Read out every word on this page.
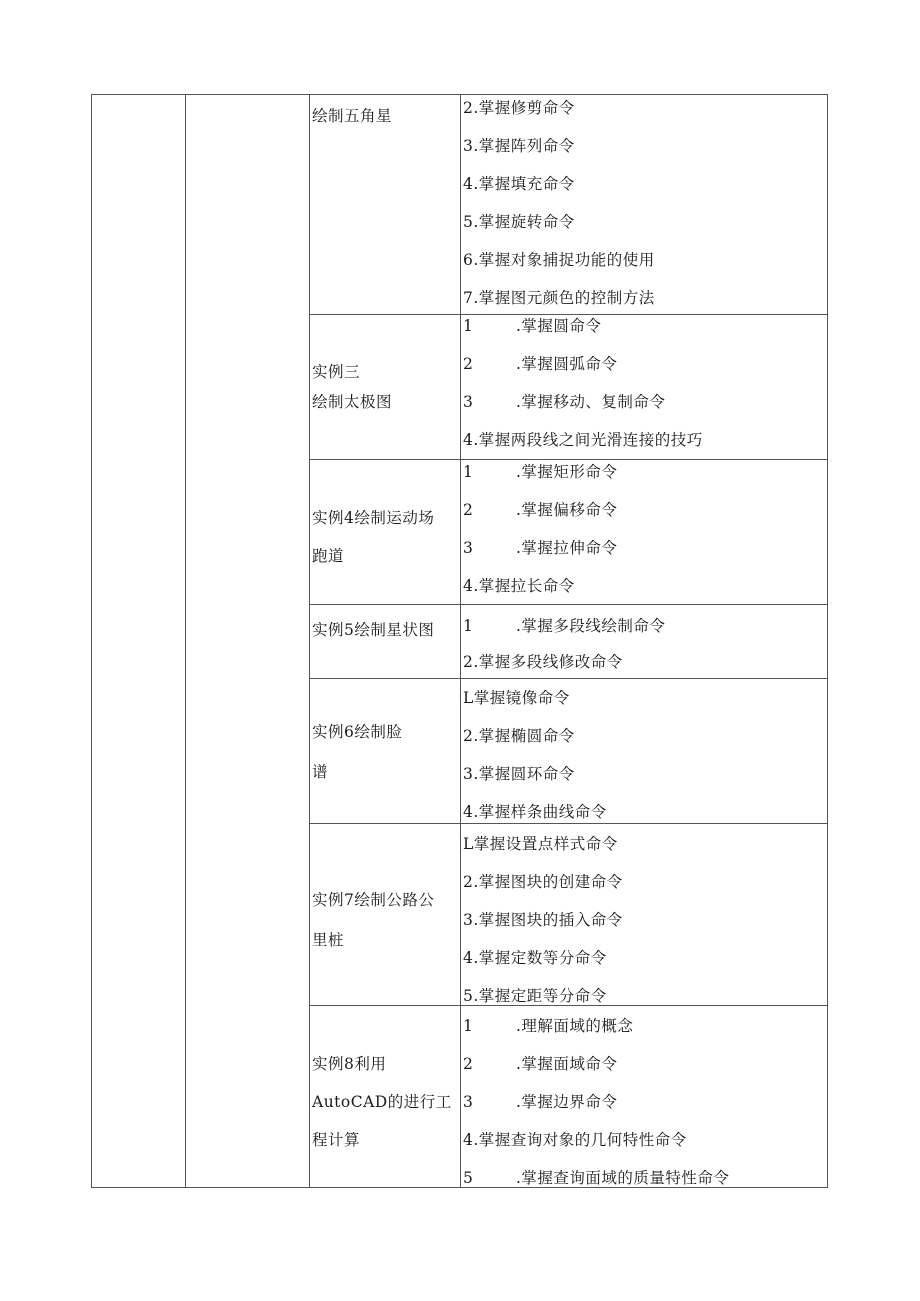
绘制五角星	2.掌握修剪命令
3.掌握阵列命令
4.掌握填充命令
5.掌握旋转命令
6.掌握对象捕捉功能的使用
7.掌握图元颜色的控制方法
实例三
绘制太极图
1	.掌握圆命令
2	.掌握圆弧命令
3	.掌握移动、复制命令
4.掌握两段线之间光滑连接的技巧
实例4绘制运动场
跑道
1	.掌握矩形命令
2	.掌握偏移命令
3	.掌握拉伸命令
4.掌握拉长命令
实例5绘制星状图 1	.掌握多段线绘制命令
2.掌握多段线修改命令
实例6绘制脸
谱
L掌握镜像命令
2.掌握椭圆命令
3.掌握圆环命令
4.掌握样条曲线命令
实例7绘制公路公
里桩
L掌握设置点样式命令
2.掌握图块的创建命令
3.掌握图块的插入命令
4.掌握定数等分命令
5.掌握定距等分命令
实例8利用
AutoCAD的进行工
程计算
1	.理解面域的概念
2	.掌握面域命令
3	.掌握边界命令
4.掌握查询对象的几何特性命令
5	.掌握查询面域的质量特性命令
